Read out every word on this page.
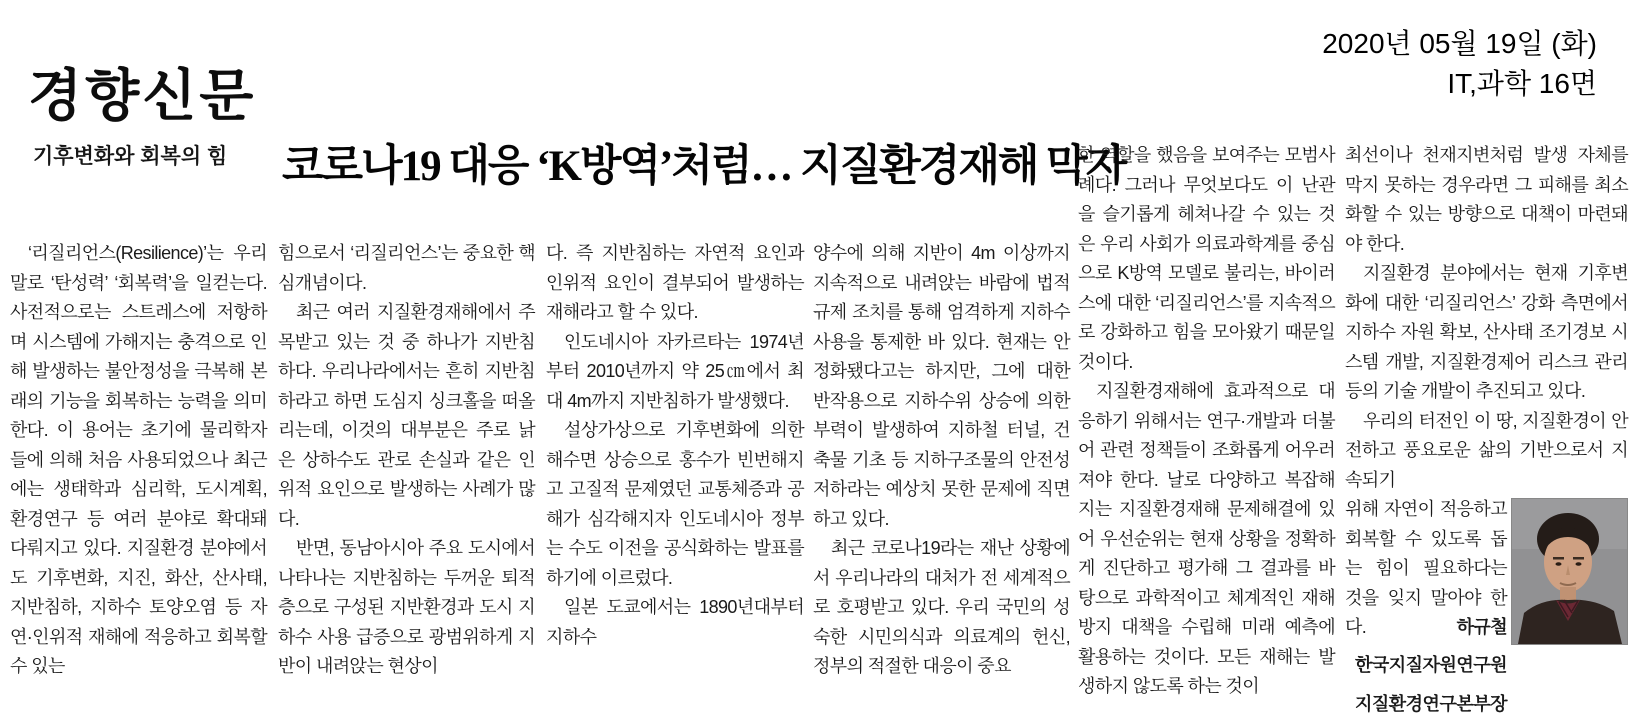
경향신문
기후변화와 회복의 힘
2020년 05월 19일 (화)
IT,과학 16면
코로나19 대응 ‘K방역’처럼… 지질환경재해 막자

‘리질리언스(Resilience)’는 우리말로 ‘탄성력’ ‘회복력’을 일컫는다. 사전적으로는 스트레스에 저항하며 시스템에 가해지는 충격으로 인해 발생하는 불안정성을 극복해 본래의 기능을 회복하는 능력을 의미한다. 이 용어는 초기에 물리학자들에 의해 처음 사용되었으나 최근에는 생태학과 심리학, 도시계획, 환경연구 등 여러 분야로 확대돼 다뤄지고 있다. 지질환경 분야에서도 기후변화, 지진, 화산, 산사태, 지반침하, 지하수 토양오염 등 자연·인위적 재해에 적응하고 회복할 수 있는

힘으로서 ‘리질리언스’는 중요한 핵심개념이다.

최근 여러 지질환경재해에서 주목받고 있는 것 중 하나가 지반침하다. 우리나라에서는 흔히 지반침하라고 하면 도심지 싱크홀을 떠올리는데, 이것의 대부분은 주로 낡은 상하수도 관로 손실과 같은 인위적 요인으로 발생하는 사례가 많다.

반면, 동남아시아 주요 도시에서 나타나는 지반침하는 두꺼운 퇴적층으로 구성된 지반환경과 도시 지하수 사용 급증으로 광범위하게 지반이 내려앉는 현상이

다. 즉 지반침하는 자연적 요인과 인위적 요인이 결부되어 발생하는 재해라고 할 수 있다.

인도네시아 자카르타는 1974년부터 2010년까지 약 25㎝에서 최대 4m까지 지반침하가 발생했다.

설상가상으로 기후변화에 의한 해수면 상승으로 홍수가 빈번해지고 고질적 문제였던 교통체증과 공해가 심각해지자 인도네시아 정부는 수도 이전을 공식화하는 발표를 하기에 이르렀다.

일본 도쿄에서는 1890년대부터 지하수

양수에 의해 지반이 4m 이상까지 지속적으로 내려앉는 바람에 법적 규제 조치를 통해 엄격하게 지하수 사용을 통제한 바 있다. 현재는 안정화됐다고는 하지만, 그에 대한 반작용으로 지하수위 상승에 의한 부력이 발생하여 지하철 터널, 건축물 기초 등 지하구조물의 안전성 저하라는 예상치 못한 문제에 직면하고 있다.

최근 코로나19라는 재난 상황에서 우리나라의 대처가 전 세계적으로 호평받고 있다. 우리 국민의 성숙한 시민의식과 의료계의 헌신, 정부의 적절한 대응이 중요

한 역할을 했음을 보여주는 모범사례다. 그러나 무엇보다도 이 난관을 슬기롭게 헤쳐나갈 수 있는 것은 우리 사회가 의료과학계를 중심으로 K방역 모델로 불리는, 바이러스에 대한 ‘리질리언스’를 지속적으로 강화하고 힘을 모아왔기 때문일 것이다.

지질환경재해에 효과적으로 대응하기 위해서는 연구·개발과 더불어 관련 정책들이 조화롭게 어우러져야 한다. 날로 다양하고 복잡해지는 지질환경재해 문제해결에 있어 우선순위는 현재 상황을 정확하게 진단하고 평가해 그 결과를 바탕으로 과학적이고 체계적인 재해 방지 대책을 수립해 미래 예측에 활용하는 것이다. 모든 재해는 발생하지 않도록 하는 것이

최선이나 천재지변처럼 발생 자체를 막지 못하는 경우라면 그 피해를 최소화할 수 있는 방향으로 대책이 마련돼야 한다.

지질환경 분야에서는 현재 기후변화에 대한 ‘리질리언스’ 강화 측면에서 지하수 자원 확보, 산사태 조기경보 시스템 개발, 지질환경제어 리스크 관리 등의 기술 개발이 추진되고 있다.

우리의 터전인 이 땅, 지질환경이 안전하고 풍요로운 삶의 기반으로서 지속되기

위해 자연이 적응하고 회복할 수 있도록 돕는 힘이 필요하다는 것을 잊지 말아야 한다.	하규철

한국지질자원연구원
지질환경연구본부장
